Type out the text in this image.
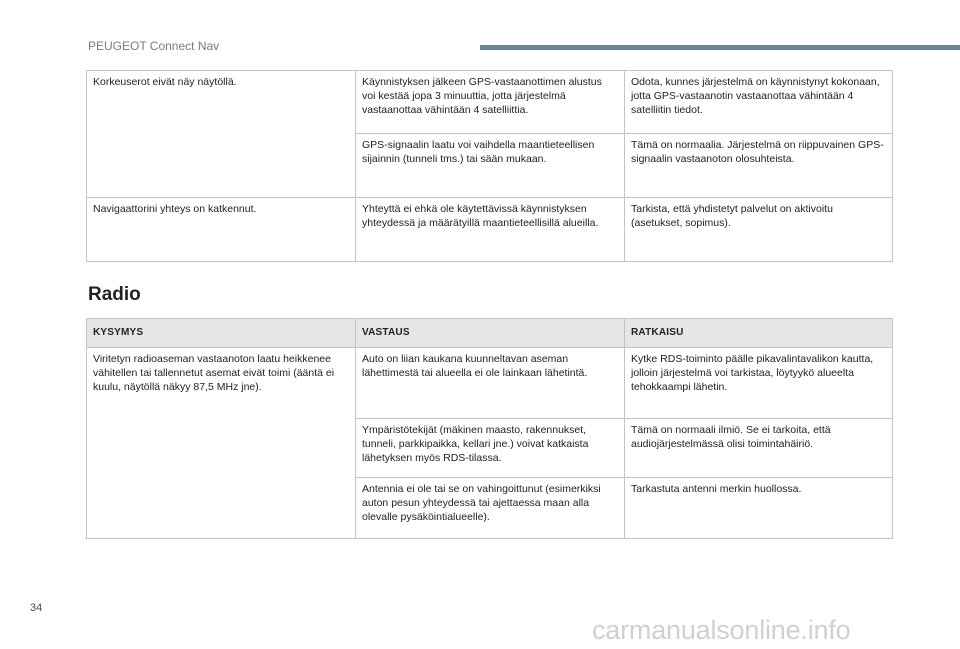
PEUGEOT Connect Nav
Korkeuserot eivät näy näytöllä.	Käynnistyksen jälkeen GPS-vastaanottimen alustus voi kestää jopa 3 minuuttia, jotta järjestelmä vastaanottaa vähintään 4 satelliittia.	Odota, kunnes järjestelmä on käynnistynyt kokonaan, jotta GPS-vastaanotin vastaanottaa vähintään 4 satelliitin tiedot.
	GPS-signaalin laatu voi vaihdella maantieteellisen sijainnin (tunneli tms.) tai sään mukaan.	Tämä on normaalia. Järjestelmä on riippuvainen GPS-signaalin vastaanoton olosuhteista.
Navigaattorini yhteys on katkennut.	Yhteyttä ei ehkä ole käytettävissä käynnistyksen yhteydessä ja määrätyillä maantieteellisillä alueilla.	Tarkista, että yhdistetyt palvelut on aktivoitu (asetukset, sopimus).
Radio
KYSYMYS	VASTAUS	RATKAISU
Viritetyn radioaseman vastaanoton laatu heikkenee vähitellen tai tallennetut asemat eivät toimi (ääntä ei kuulu, näytöllä näkyy 87,5 MHz jne).	Auto on liian kaukana kuunneltavan aseman lähettimestä tai alueella ei ole lainkaan lähetintä.	Kytke RDS-toiminto päälle pikavalintavalikon kautta, jolloin järjestelmä voi tarkistaa, löytyykö alueelta tehokkaampi lähetin.
	Ympäristötekijät (mäkinen maasto, rakennukset, tunneli, parkkipaikka, kellari jne.) voivat katkaista lähetyksen myös RDS-tilassa.	Tämä on normaali ilmiö. Se ei tarkoita, että audiojärjestelmässä olisi toimintahäiriö.
	Antennia ei ole tai se on vahingoittunut (esimerkiksi auton pesun yhteydessä tai ajettaessa maan alla olevalle pysäköintialueelle).	Tarkastuta antenni merkin huollossa.
34
carmanualsonline.info
